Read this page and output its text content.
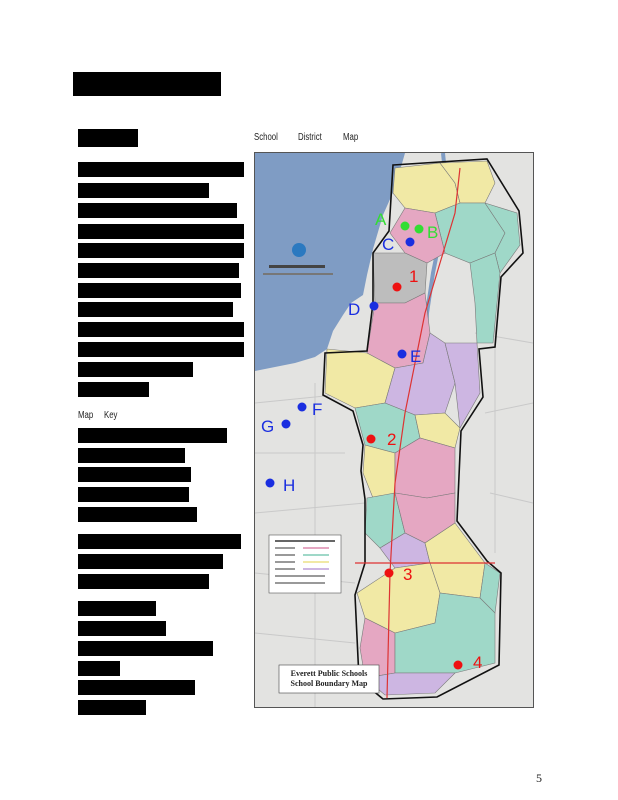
Map Key
School District Map
Everett Public Schools
School Boundary Map
A
B
C
D
E
F
G
H
1
2
3
4
5
